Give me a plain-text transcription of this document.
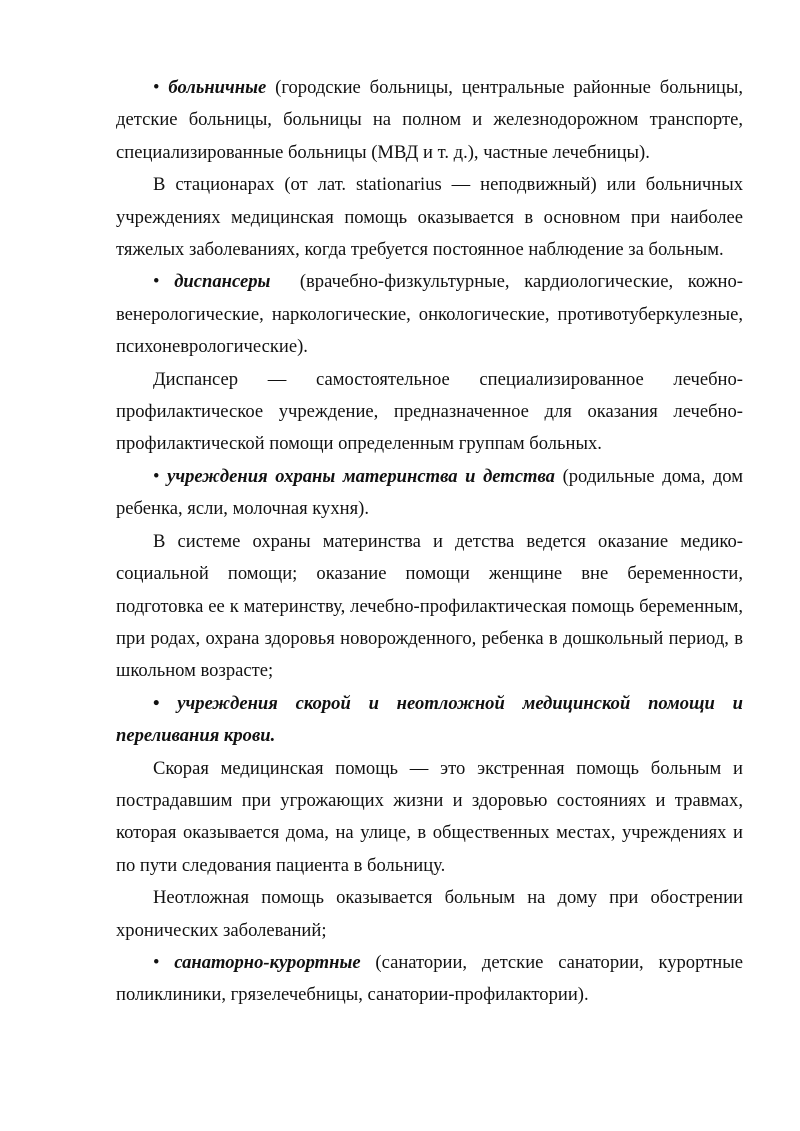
• больничные (городские больницы, центральные районные больницы, детские больницы, больницы на полном и железнодорожном транспорте, специализированные больницы (МВД и т. д.), частные лечебницы).

В стационарах (от лат. stationarius — неподвижный) или больничных учреждениях медицинская помощь оказывается в основном при наиболее тяжелых заболеваниях, когда требуется постоянное наблюдение за больным.

• диспансеры  (врачебно-физкультурные, кардиологические, кожно-венерологические, наркологические, онкологические, противотуберкулезные, психоневрологические).

Диспансер — самостоятельное специализированное лечебно-профилактическое учреждение, предназначенное для оказания лечебно-профилактической помощи определенным группам больных.

• учреждения охраны материнства и детства (родильные дома, дом ребенка, ясли, молочная кухня).

В системе охраны материнства и детства ведется оказание медико-социальной помощи; оказание помощи женщине вне беременности, подготовка ее к материнству, лечебно-профилактическая помощь беременным, при родах, охрана здоровья новорожденного, ребенка в дошкольный период, в школьном возрасте;

• учреждения скорой и неотложной медицинской помощи и переливания крови.

Скорая медицинская помощь — это экстренная помощь больным и пострадавшим при угрожающих жизни и здоровью состояниях и травмах, которая оказывается дома, на улице, в общественных местах, учреждениях и по пути следования пациента в больницу.

Неотложная помощь оказывается больным на дому при обострении хронических заболеваний;

• санаторно-курортные (санатории, детские санатории, курортные поликлиники, грязелечебницы, санатории-профилактории).
